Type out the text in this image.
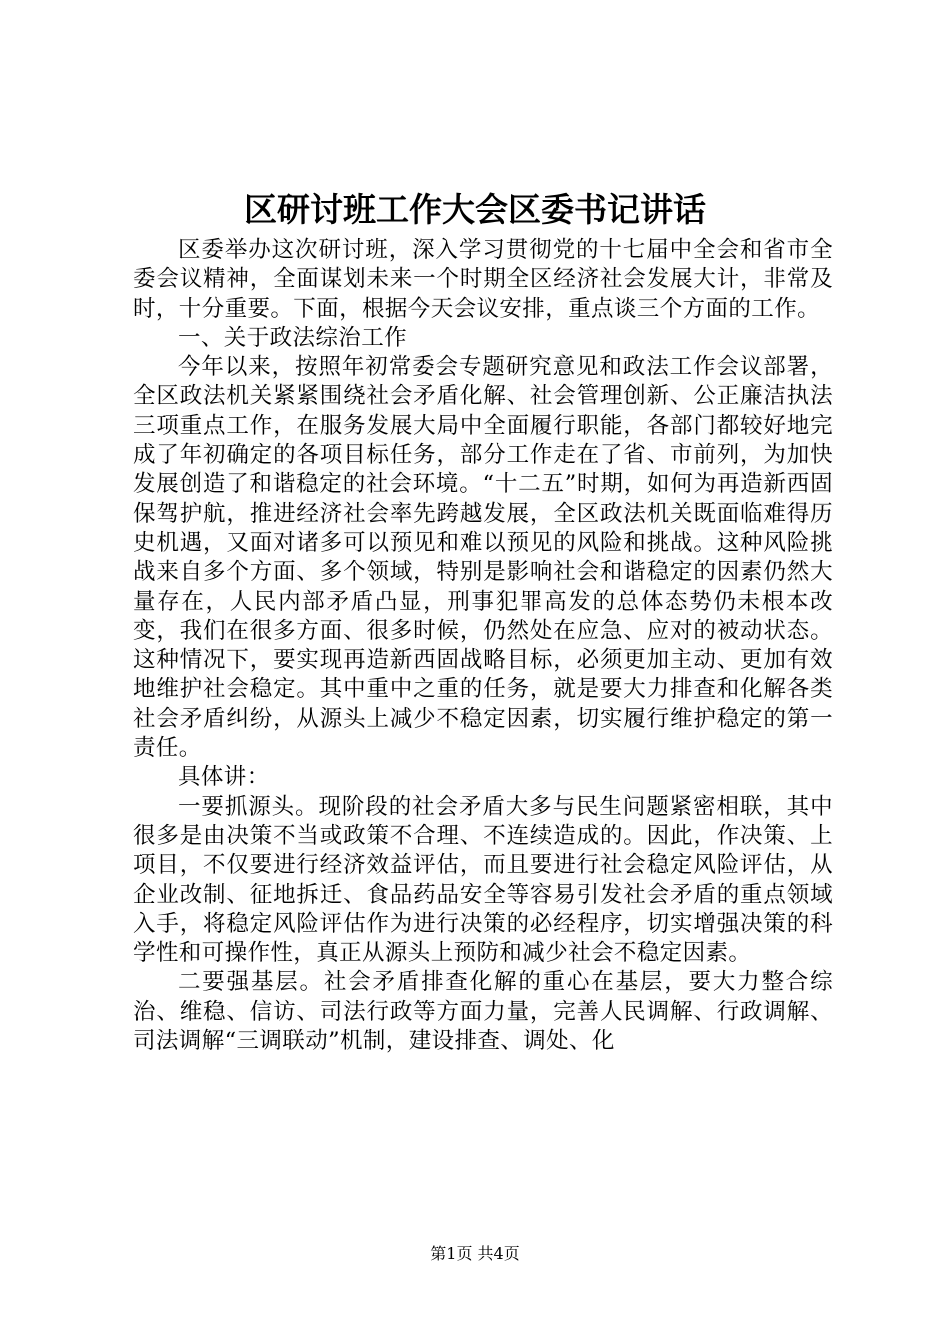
区研讨班工作大会区委书记讲话

区委举办这次研讨班，深入学习贯彻党的十七届中全会和省市全委会议精神，全面谋划未来一个时期全区经济社会发展大计，非常及时，十分重要。下面，根据今天会议安排，重点谈三个方面的工作。

一、关于政法综治工作

今年以来，按照年初常委会专题研究意见和政法工作会议部署，全区政法机关紧紧围绕社会矛盾化解、社会管理创新、公正廉洁执法三项重点工作，在服务发展大局中全面履行职能，各部门都较好地完成了年初确定的各项目标任务，部分工作走在了省、市前列，为加快发展创造了和谐稳定的社会环境。“十二五”时期，如何为再造新西固保驾护航，推进经济社会率先跨越发展，全区政法机关既面临难得历史机遇，又面对诸多可以预见和难以预见的风险和挑战。这种风险挑战来自多个方面、多个领域，特别是影响社会和谐稳定的因素仍然大量存在，人民内部矛盾凸显，刑事犯罪高发的总体态势仍未根本改变，我们在很多方面、很多时候，仍然处在应急、应对的被动状态。这种情况下，要实现再造新西固战略目标，必须更加主动、更加有效地维护社会稳定。其中重中之重的任务，就是要大力排查和化解各类社会矛盾纠纷，从源头上减少不稳定因素，切实履行维护稳定的第一责任。

具体讲：

一要抓源头。现阶段的社会矛盾大多与民生问题紧密相联，其中很多是由决策不当或政策不合理、不连续造成的。因此，作决策、上项目，不仅要进行经济效益评估，而且要进行社会稳定风险评估，从企业改制、征地拆迁、食品药品安全等容易引发社会矛盾的重点领域入手，将稳定风险评估作为进行决策的必经程序，切实增强决策的科学性和可操作性，真正从源头上预防和减少社会不稳定因素。

二要强基层。社会矛盾排查化解的重心在基层，要大力整合综治、维稳、信访、司法行政等方面力量，完善人民调解、行政调解、司法调解“三调联动”机制，建设排查、调处、化

第1页 共4页
